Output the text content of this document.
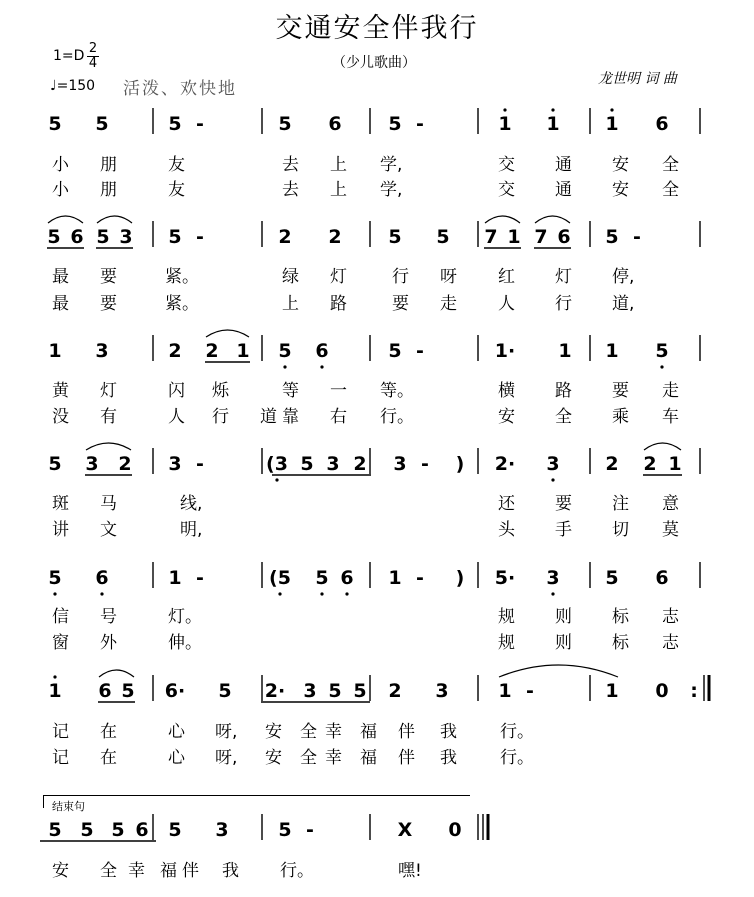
交通安全伴我行
（少儿歌曲）
龙世明 词 曲
$1=D \frac{2}{4}$
♩=150 活泼、欢快地
结束句
5 5	5 -	5 6 5 -	1 1 1 6
5 6 5 3 5 -	2 2 5 5 7 1 7 6 5 -
1 3	2 2 1 5 6	5 -	1· 1 1 5
5 3 2 3 -	(3 5 3 2 3 - ) 2· 3 2 2 1
5 6	1 -	(5 5 6 1 - ) 5· 3 5 6
1 6 5 6· 5 2· 3 5 5 2 3	1 -	1 0 :
5 5 5 6 5 3	5 -	X 0
小 朋	友	去 上 学,	交 通 安 全
小 朋	友	去 上 学,	交 通 安 全
最 要	紧。	绿 灯	行 呀 红 灯 停,
最 要	紧。	上 路	要 走 人 行 道,
黄 灯	闪 烁	等 一 等。	横 路 要 走
没 有	人 行 道 靠 右 行。	安 全 乘 车
斑 马	线,	还 要 注 意
讲 文	明,	头 手 切 莫
信 号	灯。	规 则 标 志
窗 外	伸。	规 则 标 志
记 在	心 呀, 安 全 幸 福 伴 我	行。
记 在	心 呀, 安 全 幸 福 伴 我	行。
安 全 幸 福 伴 我 行。	嘿!
